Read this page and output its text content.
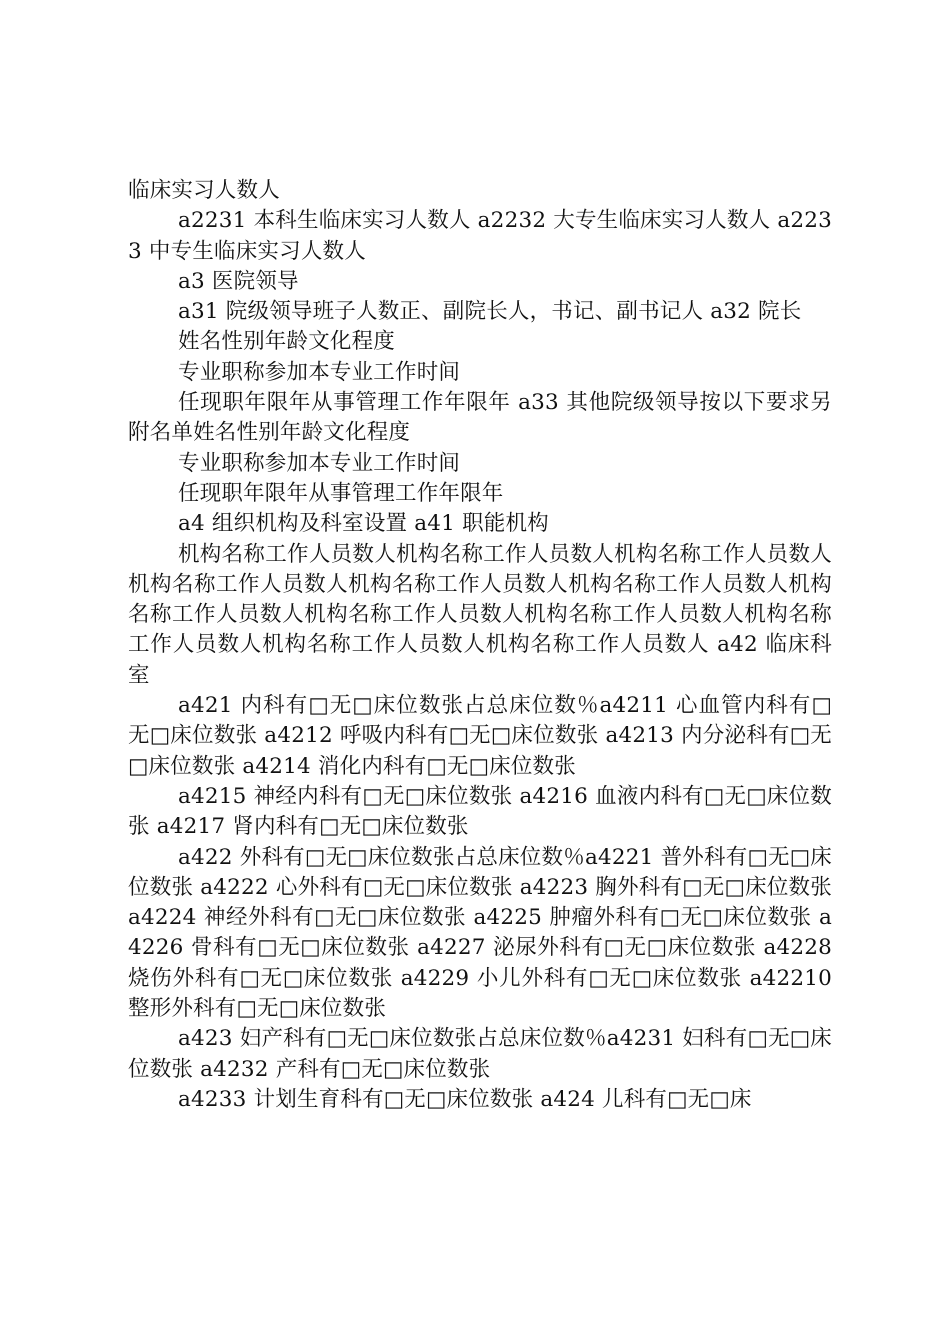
临床实习人数人

a2231 本科生临床实习人数人 a2232 大专生临床实习人数人 a2233 中专生临床实习人数人

a3 医院领导

a31 院级领导班子人数正、副院长人，书记、副书记人 a32 院长

姓名性别年龄文化程度

专业职称参加本专业工作时间

任现职年限年从事管理工作年限年 a33 其他院级领导按以下要求另附名单姓名性别年龄文化程度

专业职称参加本专业工作时间

任现职年限年从事管理工作年限年

a4 组织机构及科室设置 a41 职能机构

机构名称工作人员数人机构名称工作人员数人机构名称工作人员数人机构名称工作人员数人机构名称工作人员数人机构名称工作人员数人机构名称工作人员数人机构名称工作人员数人机构名称工作人员数人机构名称工作人员数人机构名称工作人员数人机构名称工作人员数人 a42 临床科室

a421 内科有□无□床位数张占总床位数％a4211 心血管内科有□无□床位数张 a4212 呼吸内科有□无□床位数张 a4213 内分泌科有□无□床位数张 a4214 消化内科有□无□床位数张

a4215 神经内科有□无□床位数张 a4216 血液内科有□无□床位数张 a4217 肾内科有□无□床位数张

a422 外科有□无□床位数张占总床位数％a4221 普外科有□无□床位数张 a4222 心外科有□无□床位数张 a4223 胸外科有□无□床位数张 a4224 神经外科有□无□床位数张 a4225 肿瘤外科有□无□床位数张 a4226 骨科有□无□床位数张 a4227 泌尿外科有□无□床位数张 a4228 烧伤外科有□无□床位数张 a4229 小儿外科有□无□床位数张 a42210 整形外科有□无□床位数张

a423 妇产科有□无□床位数张占总床位数％a4231 妇科有□无□床位数张 a4232 产科有□无□床位数张

a4233 计划生育科有□无□床位数张 a424 儿科有□无□床
